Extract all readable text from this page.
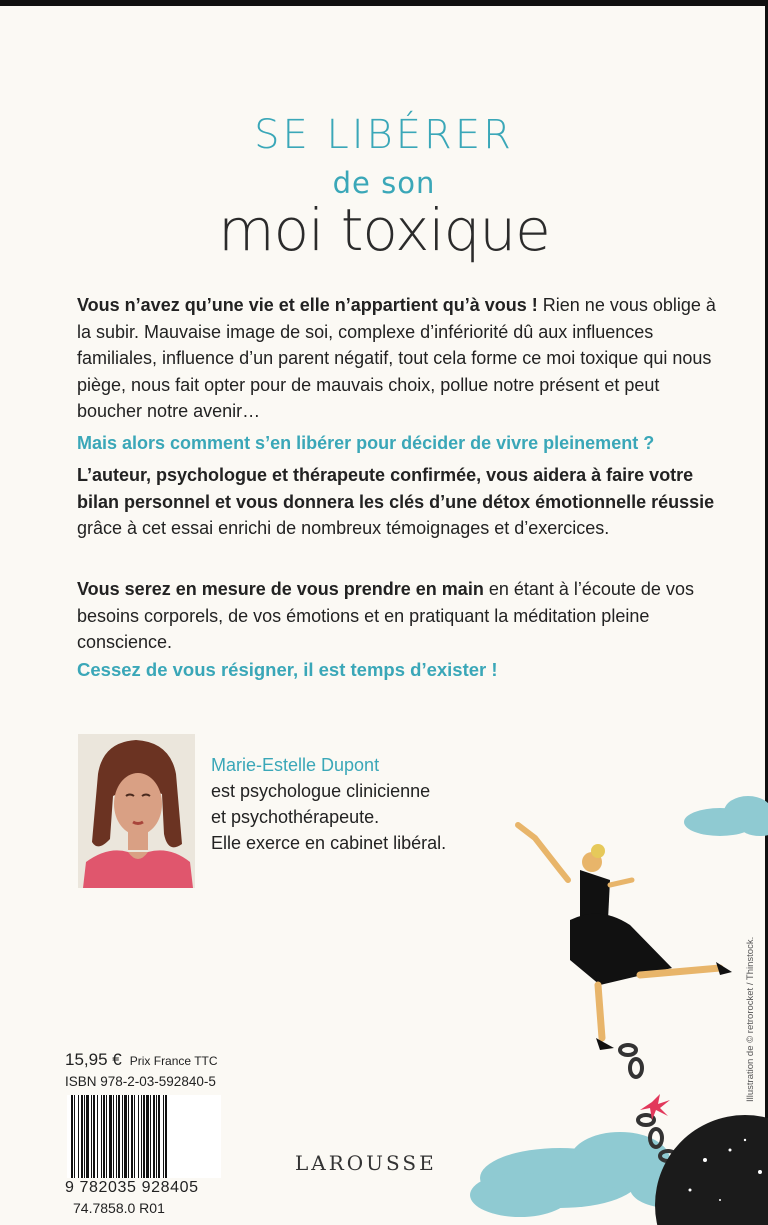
SE LIBÉRER
de son
moi toxique

Vous n’avez qu’une vie et elle n’appartient qu’à vous ! Rien ne vous oblige à la subir. Mauvaise image de soi, complexe d’infériorité dû aux influences familiales, influence d’un parent négatif, tout cela forme ce moi toxique qui nous piège, nous fait opter pour de mauvais choix, pollue notre présent et peut boucher notre avenir…

Mais alors comment s’en libérer pour décider de vivre pleinement ?

L’auteur, psychologue et thérapeute confirmée, vous aidera à faire votre bilan personnel et vous donnera les clés d’une détox émotionnelle réussie grâce à cet essai enrichi de nombreux témoignages et d’exercices.

Vous serez en mesure de vous prendre en main en étant à l’écoute de vos besoins corporels, de vos émotions et en pratiquant la méditation pleine conscience.

Cessez de vous résigner, il est temps d’exister !

Marie-Estelle Dupont
est psychologue clinicienne
et psychothérapeute.
Elle exerce en cabinet libéral.
15,95 € Prix France TTC
ISBN 978-2-03-592840-5
9 782035 928405
74.7858.0 R01
LAROUSSE
Illustration de © retrorocket / Thinstock.
